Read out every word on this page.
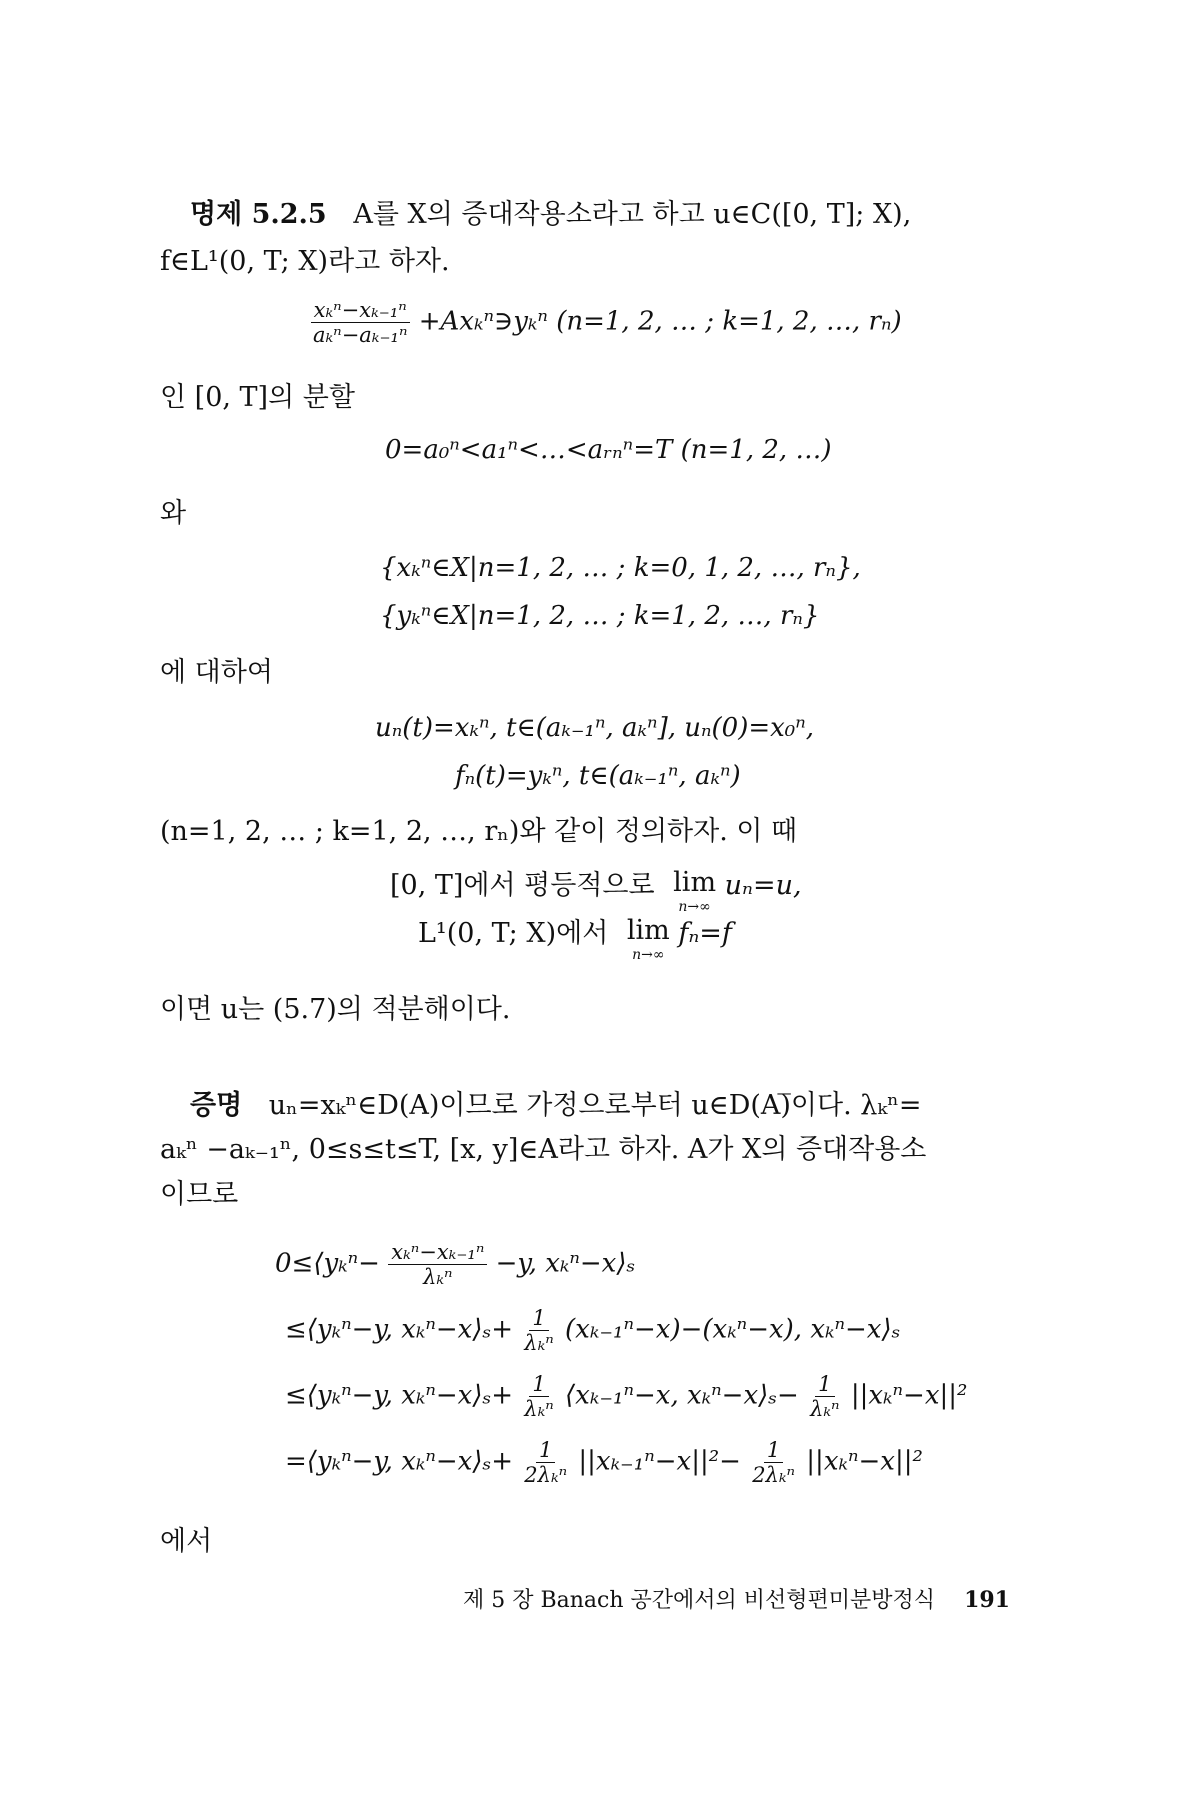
명제 5.2.5 A를 X의 증대작용소라고 하고 u∈C([0, T]; X),
f∈L¹(0, T; X)라고 하자.
$\frac{\text{xₖⁿ−xₖ₋₁ⁿ}}{\text{aₖⁿ−aₖ₋₁ⁿ}}$ +Axₖⁿ∋yₖⁿ (n=1, 2, … ; k=1, 2, …, rₙ)
인 [0, T]의 분할
0=a₀ⁿ<a₁ⁿ<…<aᵣₙⁿ=T (n=1, 2, …)
와
{xₖⁿ∈X|n=1, 2, … ; k=0, 1, 2, …, rₙ},
{yₖⁿ∈X|n=1, 2, … ; k=1, 2, …, rₙ}
에 대하여
uₙ(t)=xₖⁿ, t∈(aₖ₋₁ⁿ, aₖⁿ], uₙ(0)=x₀ⁿ,
fₙ(t)=yₖⁿ, t∈(aₖ₋₁ⁿ, aₖⁿ)
(n=1, 2, … ; k=1, 2, …, rₙ)와 같이 정의하자. 이 때
[0, T]에서 평등적으로 lim
n→∞
uₙ=u,
L¹(0, T; X)에서 lim
n→∞
fₙ=f
이면 u는 (5.7)의 적분해이다.
증명 uₙ=xₖⁿ∈D(A)이므로 가정으로부터 u∈D(A)̅이다. λₖⁿ=
aₖⁿ −aₖ₋₁ⁿ, 0≤s≤t≤T, [x, y]∈A라고 하자. A가 X의 증대작용소
이므로
0≤⟨yₖⁿ− $\frac{\text{xₖⁿ−xₖ₋₁ⁿ}}{\text{λₖⁿ}} -y$, xₖⁿ−x⟩ₛ
≤⟨yₖⁿ−y, xₖⁿ−x⟩ₛ+ $\frac{1}{\text{λₖⁿ}} (x_{k-1}^n-x)-(x_k^n-x)$, xₖⁿ−x⟩ₛ
≤⟨yₖⁿ−y, xₖⁿ−x⟩ₛ+ $\frac{1}{\text{λₖⁿ}}$ ⟨xₖ₋₁ⁿ−x, xₖⁿ−x⟩ₛ− $\frac{1}{\text{λₖⁿ}} ||x_k^n-x||^2$
=⟨yₖⁿ−y, xₖⁿ−x⟩ₛ+ $\frac{1}{\text{2λₖⁿ}} ||x_{k-1}^n-x||^2- \frac{1}{\text{2λₖⁿ}} ||x_k^n-x||^2$
에서
제 5 장 Banach 공간에서의 비선형편미분방정식 191
